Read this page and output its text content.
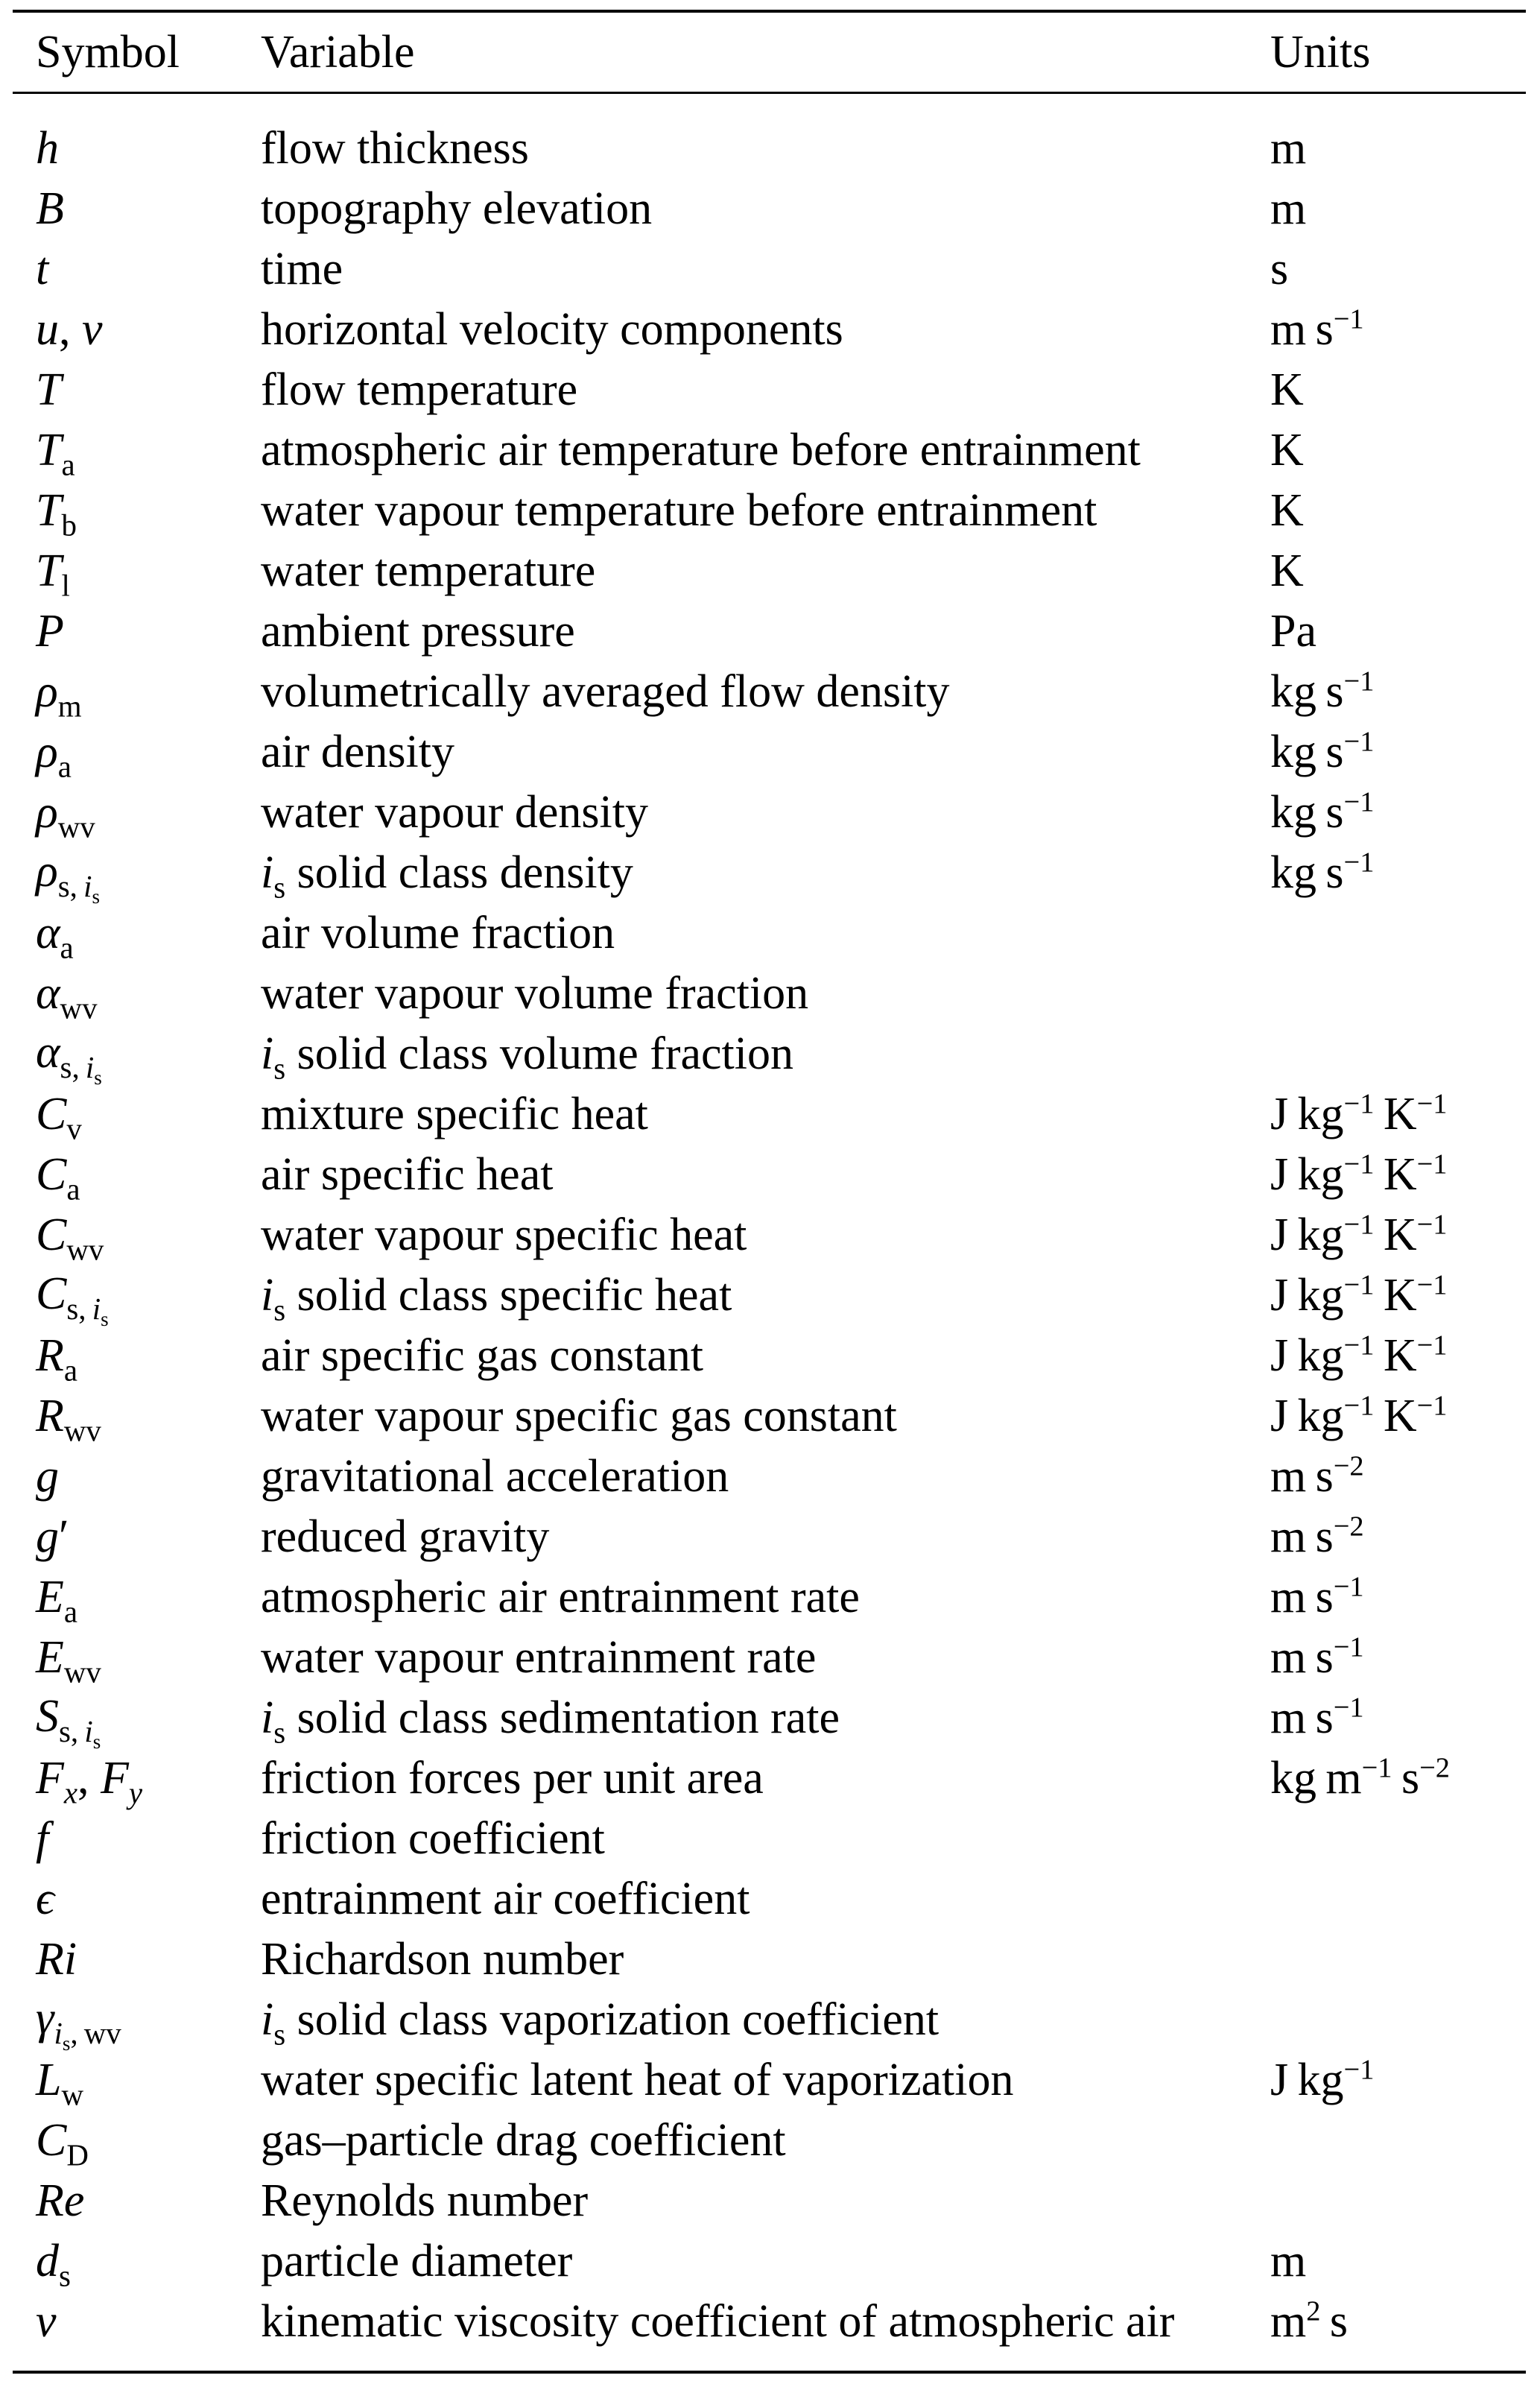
Symbol	Variable	Units
h	flow thickness	m
B	topography elevation	m
t	time	s
u, v	horizontal velocity components	m $s^{-1}$
T	flow temperature	K
$T_a$	atmospheric air temperature before entrainment	K
$T_b$	water vapour temperature before entrainment	K
$T_l$	water temperature	K
P	ambient pressure	Pa
$\rho_m$	volumetrically averaged flow density	kg $s^{-1}$
$\rho_a$	air density	kg $s^{-1}$
$\rho_{wv}$	water vapour density	kg $s^{-1}$
$\rho_{s, i_s}$	$i_s$ solid class density	kg $s^{-1}$
$\alpha_a$	air volume fraction	
$\alpha_{wv}$	water vapour volume fraction	
$\alpha_{s, i_s}$	$i_s$ solid class volume fraction	
$C_v$	mixture specific heat	J $kg^{-1}$ $K^{-1}$
$C_a$	air specific heat	J $kg^{-1}$ $K^{-1}$
$C_{wv}$	water vapour specific heat	J $kg^{-1}$ $K^{-1}$
$C_{s, i_s}$	$i_s$ solid class specific heat	J $kg^{-1}$ $K^{-1}$
$R_a$	air specific gas constant	J $kg^{-1}$ $K^{-1}$
$R_{wv}$	water vapour specific gas constant	J $kg^{-1}$ $K^{-1}$
g	gravitational acceleration	m $s^{-2}$
g′	reduced gravity	m $s^{-2}$
$E_a$	atmospheric air entrainment rate	m $s^{-1}$
$E_{wv}$	water vapour entrainment rate	m $s^{-1}$
$S_{s, i_s}$	$i_s$ solid class sedimentation rate	m $s^{-1}$
$F_x$, $F_y$	friction forces per unit area	kg $m^{-1}$ $s^{-2}$
f	friction coefficient	
ϵ	entrainment air coefficient	
Ri	Richardson number	
$\gamma_{i_s, wv}$	$i_s$ solid class vaporization coefficient	
$L_w$	water specific latent heat of vaporization	J $kg^{-1}$
$C_D$	gas–particle drag coefficient	
Re	Reynolds number	
$d_s$	particle diameter	m
ν	kinematic viscosity coefficient of atmospheric air	$m^2$ s
